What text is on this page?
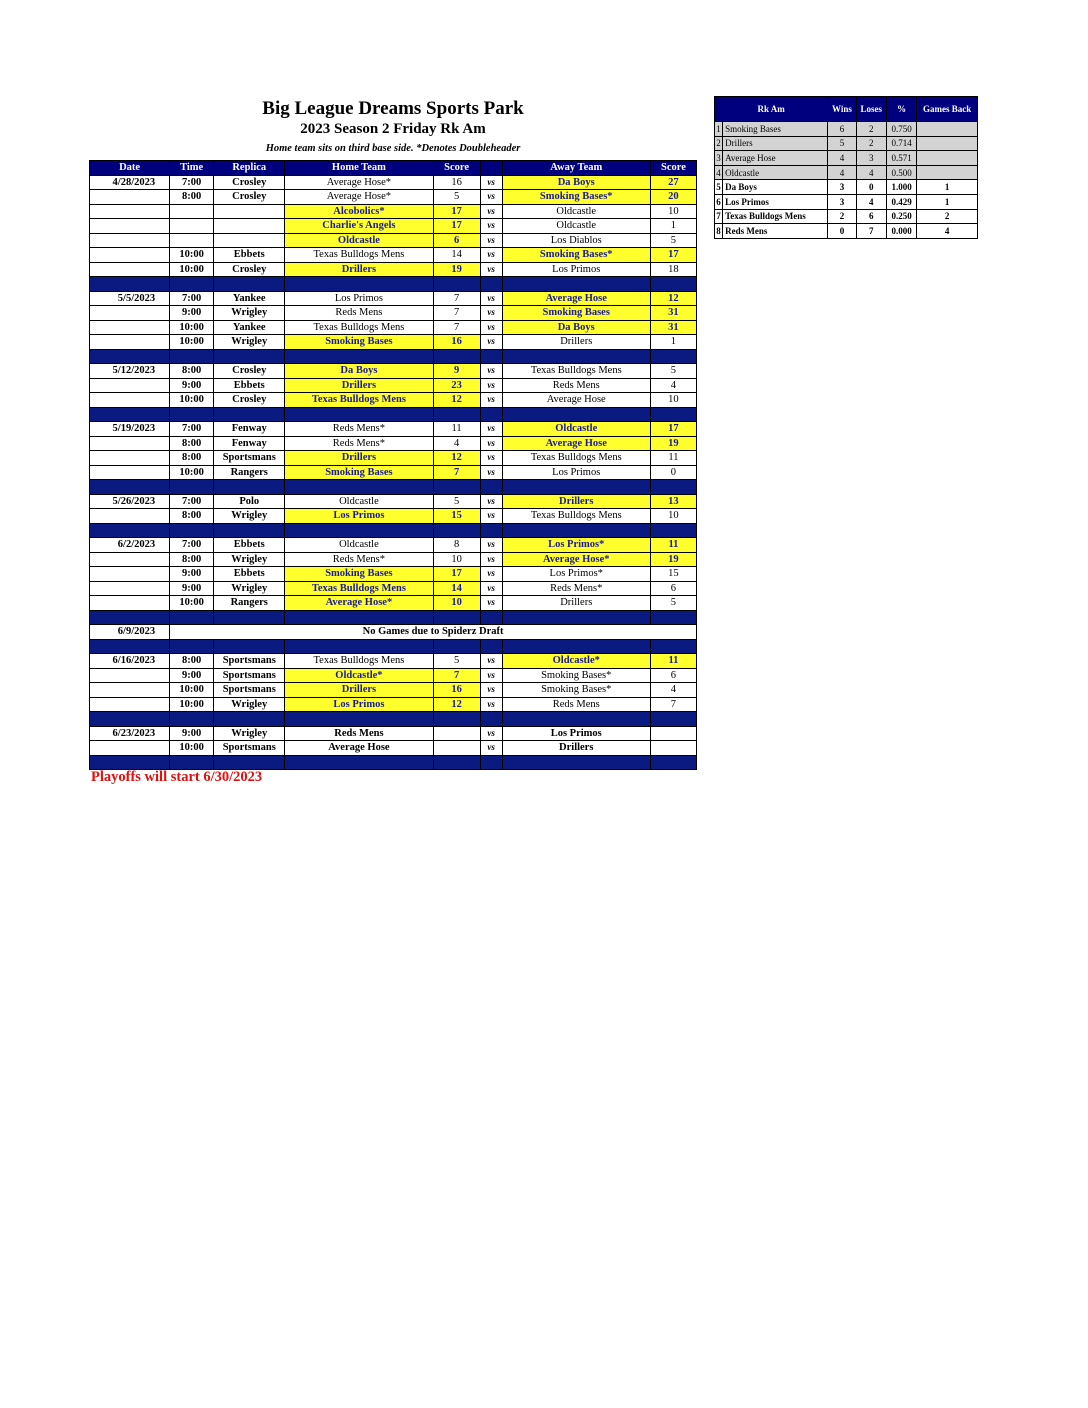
Big League Dreams Sports Park
2023 Season 2 Friday Rk Am
Home team sits on third base side. *Denotes Doubleheader
Date	Time	Replica	Home Team	Score		Away Team	Score
4/28/2023	7:00	Crosley	Average Hose*	16	vs	Da Boys	27
	8:00	Crosley	Average Hose*	5	vs	Smoking Bases*	20
			Alcobolics*	17	vs	Oldcastle	10
			Charlie's Angels	17	vs	Oldcastle	1
			Oldcastle	6	vs	Los Diablos	5
	10:00	Ebbets	Texas Bulldogs Mens	14	vs	Smoking Bases*	17
	10:00	Crosley	Drillers	19	vs	Los Primos	18

5/5/2023	7:00	Yankee	Los Primos	7	vs	Average Hose	12
	9:00	Wrigley	Reds Mens	7	vs	Smoking Bases	31
	10:00	Yankee	Texas Bulldogs Mens	7	vs	Da Boys	31
	10:00	Wrigley	Smoking Bases	16	vs	Drillers	1

5/12/2023	8:00	Crosley	Da Boys	9	vs	Texas Bulldogs Mens	5
	9:00	Ebbets	Drillers	23	vs	Reds Mens	4
	10:00	Crosley	Texas Bulldogs Mens	12	vs	Average Hose	10

5/19/2023	7:00	Fenway	Reds Mens*	11	vs	Oldcastle	17
	8:00	Fenway	Reds Mens*	4	vs	Average Hose	19
	8:00	Sportsmans	Drillers	12	vs	Texas Bulldogs Mens	11
	10:00	Rangers	Smoking Bases	7	vs	Los Primos	0

5/26/2023	7:00	Polo	Oldcastle	5	vs	Drillers	13
	8:00	Wrigley	Los Primos	15	vs	Texas Bulldogs Mens	10

6/2/2023	7:00	Ebbets	Oldcastle	8	vs	Los Primos*	11
	8:00	Wrigley	Reds Mens*	10	vs	Average Hose*	19
	9:00	Ebbets	Smoking Bases	17	vs	Los Primos*	15
	9:00	Wrigley	Texas Bulldogs Mens	14	vs	Reds Mens*	6
	10:00	Rangers	Average Hose*	10	vs	Drillers	5

6/9/2023	No Games due to Spiderz Draft						

6/16/2023	8:00	Sportsmans	Texas Bulldogs Mens	5	vs	Oldcastle*	11
	9:00	Sportsmans	Oldcastle*	7	vs	Smoking Bases*	6
	10:00	Sportsmans	Drillers	16	vs	Smoking Bases*	4
	10:00	Wrigley	Los Primos	12	vs	Reds Mens	7

6/23/2023	9:00	Wrigley	Reds Mens		vs	Los Primos	
	10:00	Sportsmans	Average Hose		vs	Drillers	

Playoffs will start 6/30/2023
Rk Am		Wins	Loses	%	Games Back
1	Smoking Bases	6	2	0.750	
2	Drillers	5	2	0.714	
3	Average Hose	4	3	0.571	
4	Oldcastle	4	4	0.500	
5	Da Boys	3	0	1.000	1
6	Los Primos	3	4	0.429	1
7	Texas Bulldogs Mens	2	6	0.250	2
8	Reds Mens	0	7	0.000	4
